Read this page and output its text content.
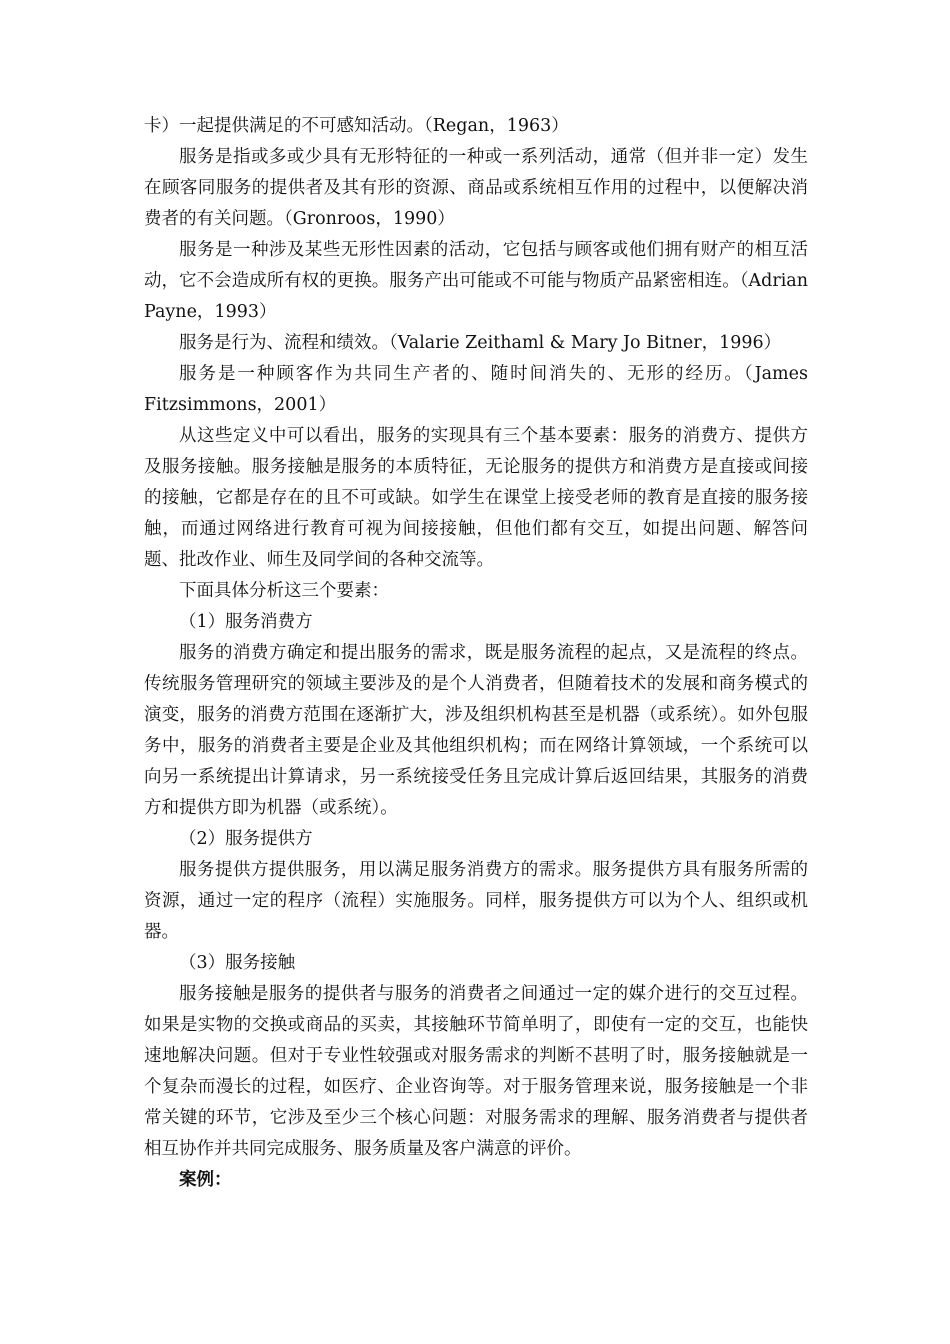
卡）一起提供满足的不可感知活动。（Regan，1963）

服务是指或多或少具有无形特征的一种或一系列活动，通常（但并非一定）发生在顾客同服务的提供者及其有形的资源、商品或系统相互作用的过程中，以便解决消费者的有关问题。（Gronroos，1990）

服务是一种涉及某些无形性因素的活动，它包括与顾客或他们拥有财产的相互活动，它不会造成所有权的更换。服务产出可能或不可能与物质产品紧密相连。（Adrian Payne，1993）

服务是行为、流程和绩效。（Valarie Zeithaml & Mary Jo Bitner，1996）

服务是一种顾客作为共同生产者的、随时间消失的、无形的经历。（James Fitzsimmons，2001）

从这些定义中可以看出，服务的实现具有三个基本要素：服务的消费方、提供方及服务接触。服务接触是服务的本质特征，无论服务的提供方和消费方是直接或间接的接触，它都是存在的且不可或缺。如学生在课堂上接受老师的教育是直接的服务接触，而通过网络进行教育可视为间接接触，但他们都有交互，如提出问题、解答问题、批改作业、师生及同学间的各种交流等。

下面具体分析这三个要素：

（1）服务消费方

服务的消费方确定和提出服务的需求，既是服务流程的起点，又是流程的终点。传统服务管理研究的领域主要涉及的是个人消费者，但随着技术的发展和商务模式的演变，服务的消费方范围在逐渐扩大，涉及组织机构甚至是机器（或系统）。如外包服务中，服务的消费者主要是企业及其他组织机构；而在网络计算领域，一个系统可以向另一系统提出计算请求，另一系统接受任务且完成计算后返回结果，其服务的消费方和提供方即为机器（或系统）。

（2）服务提供方

服务提供方提供服务，用以满足服务消费方的需求。服务提供方具有服务所需的资源，通过一定的程序（流程）实施服务。同样，服务提供方可以为个人、组织或机器。

（3）服务接触

服务接触是服务的提供者与服务的消费者之间通过一定的媒介进行的交互过程。如果是实物的交换或商品的买卖，其接触环节简单明了，即使有一定的交互，也能快速地解决问题。但对于专业性较强或对服务需求的判断不甚明了时，服务接触就是一个复杂而漫长的过程，如医疗、企业咨询等。对于服务管理来说，服务接触是一个非常关键的环节，它涉及至少三个核心问题：对服务需求的理解、服务消费者与提供者相互协作并共同完成服务、服务质量及客户满意的评价。

案例：
